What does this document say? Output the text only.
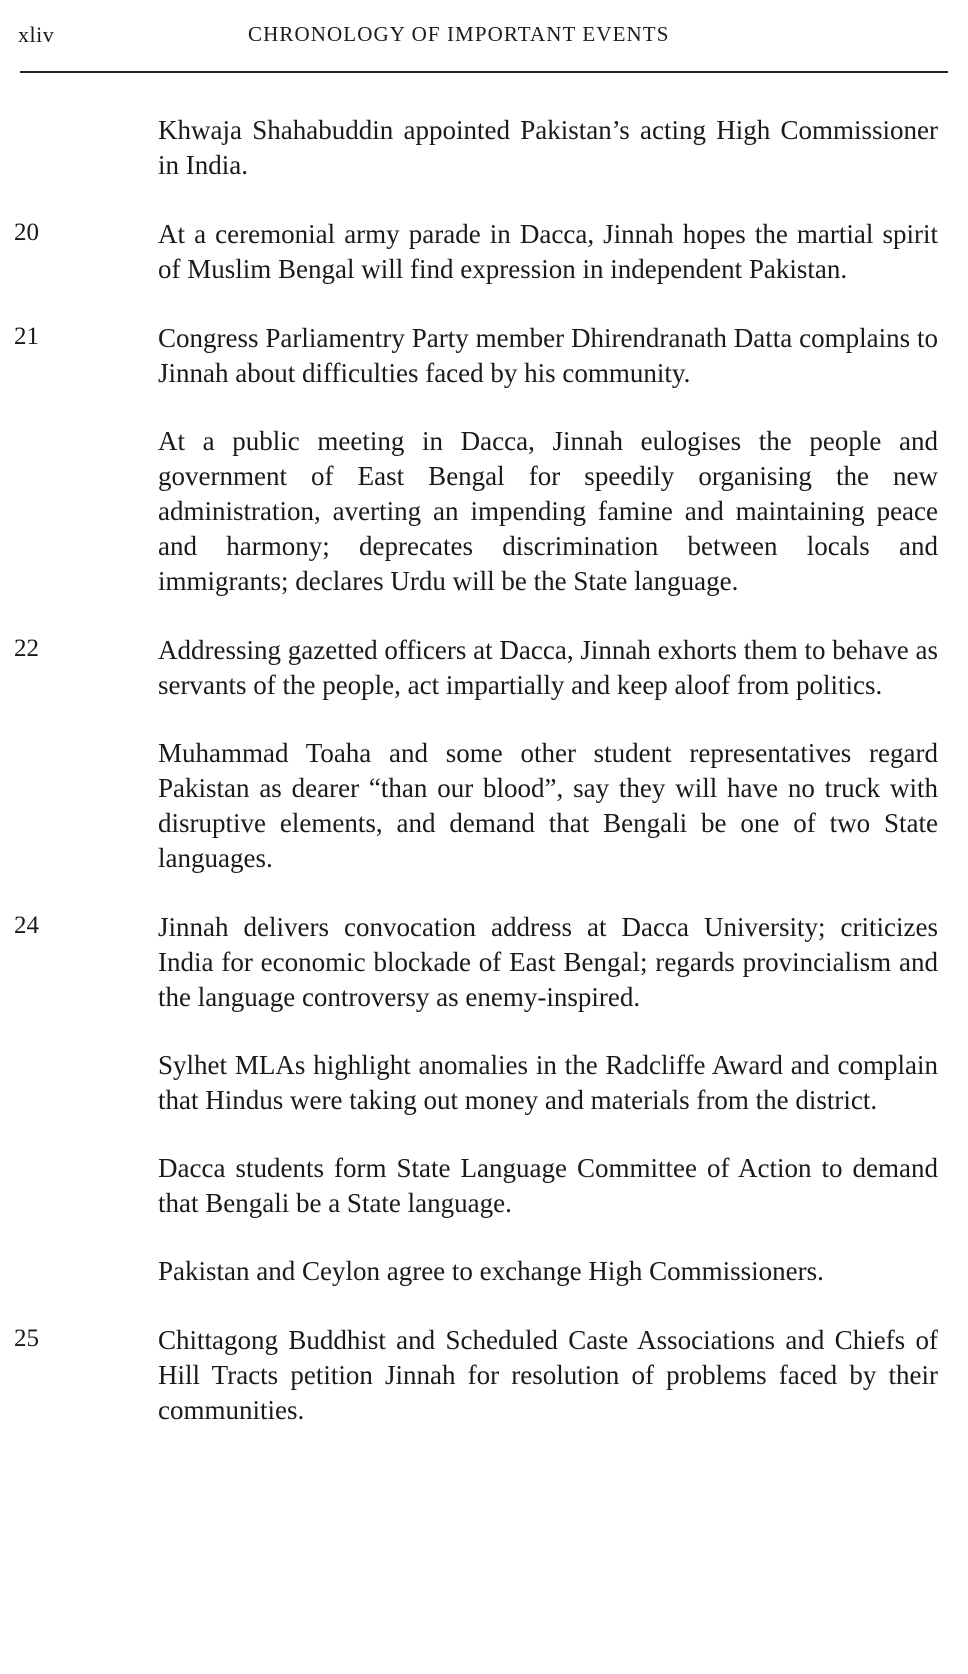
xliv	CHRONOLOGY OF IMPORTANT EVENTS

Khwaja Shahabuddin appointed Pakistan’s acting High Commissioner in India.

20	At a ceremonial army parade in Dacca, Jinnah hopes the martial spirit of Muslim Bengal will find expression in independent Pakistan.

21	Congress Parliamentry Party member Dhirendranath Datta complains to Jinnah about difficulties faced by his community.

At a public meeting in Dacca, Jinnah eulogises the people and government of East Bengal for speedily organising the new administration, averting an impending famine and maintaining peace and harmony; deprecates discrimination between locals and immigrants; declares Urdu will be the State language.

22	Addressing gazetted officers at Dacca, Jinnah exhorts them to behave as servants of the people, act impartially and keep aloof from politics.

Muhammad Toaha and some other student representatives regard Pakistan as dearer “than our blood”, say they will have no truck with disruptive elements, and demand that Bengali be one of two State languages.

24	Jinnah delivers convocation address at Dacca University; criticizes India for economic blockade of East Bengal; regards provincialism and the language controversy as enemy-inspired.

Sylhet MLAs highlight anomalies in the Radcliffe Award and complain that Hindus were taking out money and materials from the district.

Dacca students form State Language Committee of Action to demand that Bengali be a State language.

Pakistan and Ceylon agree to exchange High Commissioners.

25	Chittagong Buddhist and Scheduled Caste Associations and Chiefs of Hill Tracts petition Jinnah for resolution of problems faced by their communities.
